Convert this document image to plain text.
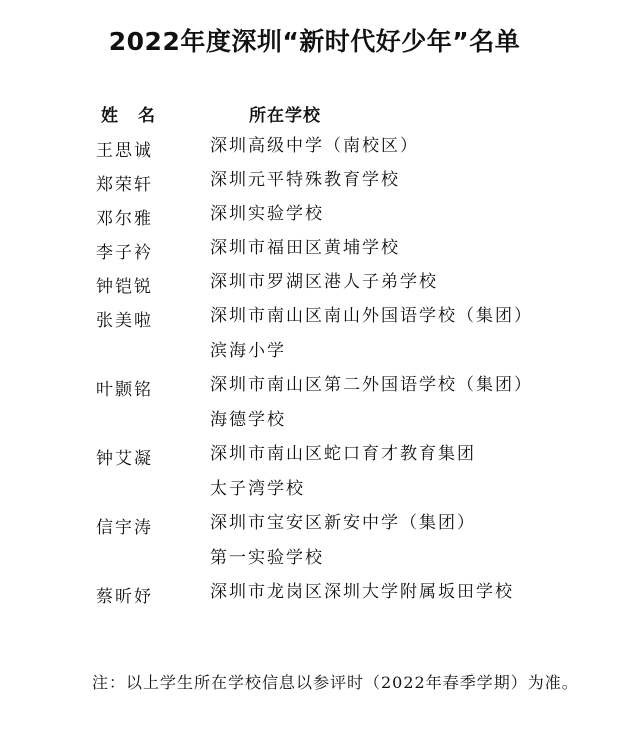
2022年度深圳“新时代好少年”名单
姓名	所在学校
王思诚	深圳高级中学（南校区）
郑荣轩	深圳元平特殊教育学校
邓尔雅	深圳实验学校
李子衿	深圳市福田区黄埔学校
钟铠锐	深圳市罗湖区港人子弟学校
张美啦	深圳市南山区南山外国语学校（集团）
滨海小学
叶颢铭	深圳市南山区第二外国语学校（集团）
海德学校
钟艾凝	深圳市南山区蛇口育才教育集团
太子湾学校
信宇涛	深圳市宝安区新安中学（集团）
第一实验学校
蔡昕妤	深圳市龙岗区深圳大学附属坂田学校
注：以上学生所在学校信息以参评时（2022年春季学期）为准。
